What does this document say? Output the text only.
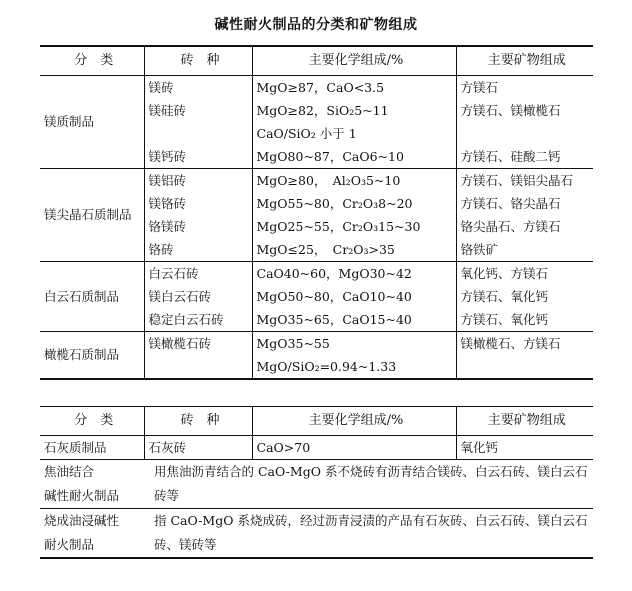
碱性耐火制品的分类和矿物组成
分　类	砖　种	主要化学组成/%	主要矿物组成
镁质制品	镁砖	MgO≥87，CaO<3.5	方镁石
	镁硅砖	MgO≥82，SiO₂5~11	方镁石、镁橄榄石
		CaO/SiO₂ 小于 1	
	镁钙砖	MgO80~87，CaO6~10	方镁石、硅酸二钙
镁尖晶石质制品	镁铝砖	MgO≥80，　Al₂O₃5~10	方镁石、镁铝尖晶石
	镁铬砖	MgO55~80，Cr₂O₃8~20	方镁石、铬尖晶石
	铬镁砖	MgO25~55，Cr₂O₃15~30	铬尖晶石、方镁石
	铬砖	MgO≤25，　Cr₂O₃>35	铬铁矿
白云石质制品	白云石砖	CaO40~60，MgO30~42	氧化钙、方镁石
	镁白云石砖	MgO50~80，CaO10~40	方镁石、氧化钙
	稳定白云石砖	MgO35~65，CaO15~40	方镁石、氧化钙
橄榄石质制品	镁橄榄石砖	MgO35~55	镁橄榄石、方镁石
		MgO/SiO₂=0.94~1.33	
分　类	砖　种	主要化学组成/%	主要矿物组成
石灰质制品	石灰砖	CaO>70	氧化钙
焦油结合
碱性耐火制品	用焦油沥青结合的 CaO-MgO 系不烧砖有沥青结合镁砖、白云石砖、镁白云石砖等		
烧成油浸碱性
耐火制品	指 CaO-MgO 系烧成砖，经过沥青浸渍的产品有石灰砖、白云石砖、镁白云石砖、镁砖等		
